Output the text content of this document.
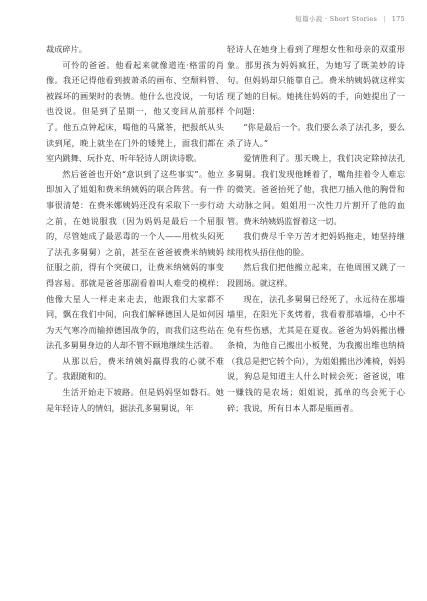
短篇小說 · Short Stories | 175

裁成碎片。

可怜的爸爸。他看起来就像道连·格雷的肖像。我还记得他看到披萧杀的画布、空颓料管、被踩坏的画架时的表情。他什么也没说，一句话也没说。但是到了星期一，他又变回从前那样了。他五点钟起床，喝他的马黛茶，把报纸从头读到尾，晚上就坐在门外的矮凳上，面我们都在室内跳舞、玩扑克、听年轻诗人朗读诗歌。

然后爸爸也开始“意识到了这些事实”。他立即加入了姐姐和费米纳姨妈的联合阵营。有一件事很清楚：在费米娜姨妈还没有采取下一步行动之前，在她说服我（因为妈妈是最后一个屈服的，尽管她成了最恶毒的一个人——用枕头闷死了法孔多舅舅）之前，甚至在爸爸被费米纳姨妈征服之前，得有个突破口，让费米纳姨妈的事变得容易。那就是爸爸那副看着叫人难受的模样：他像大星人一样走来走去，他跟我们大家都不同，飘在我们中间，向我们解释德国人是如何因为天气寒冷而输掉德国战争的，而我们这些站在法孔多舅舅身边的人却不管不顾地继续生活着。

从那以后，费米纳姨妈羸得我的心就不难了。我跟随和的。

生活开始走下坡路。但是妈妈坚如磐石。她是年轻诗人的情妇，据法孔多舅舅说，年

轻诗人在她身上看到了理想女性和母亲的双重形象。那男孩为妈妈疯狂，为她写了既美妙的诗句。但妈妈却只能靠自己。费米纳姨妈就这样实现了她的目标。她挑住妈妈的手，向她提出了一个问题：

“你是最后一个。我们要么杀了法孔多，要么杀了诗人。”

爱情胜利了。那天晚上，我们决定除掉法孔多舅舅。我们发现他睡着了，嘴角挂着令人难忘的微笑。爸爸抬死了他，我把刀插入他的胸骨和大动脉之间。姐姐用一次性刀片割开了他的血管。费米纳姨妈监督着这一切。

我们费尽千辛万苦才把妈妈拖走，她坚持继续用枕头捂住他的脸。

然后我们把他搬立起来，在他周围又跳了一段圆场。就这样。

现在，法孔多舅舅已经死了，永远待在那墙墙里，在阳光下炙烤着，我看着那墙墙，心中不免有些伤感，尤其是在夏夜。爸爸为妈妈搬出栅条椅，为他自己搬出小板凳，为我搬出维也纳椅（我总是把它转个向），为姐姐搬出沙滩椅，妈妈说，狗总是知道主人什么时候会死；爸爸说，唯一赚钱的是农场；姐姐说，孤单的鸟会死于心碎；我说，所有日本人都是瓶画者。
